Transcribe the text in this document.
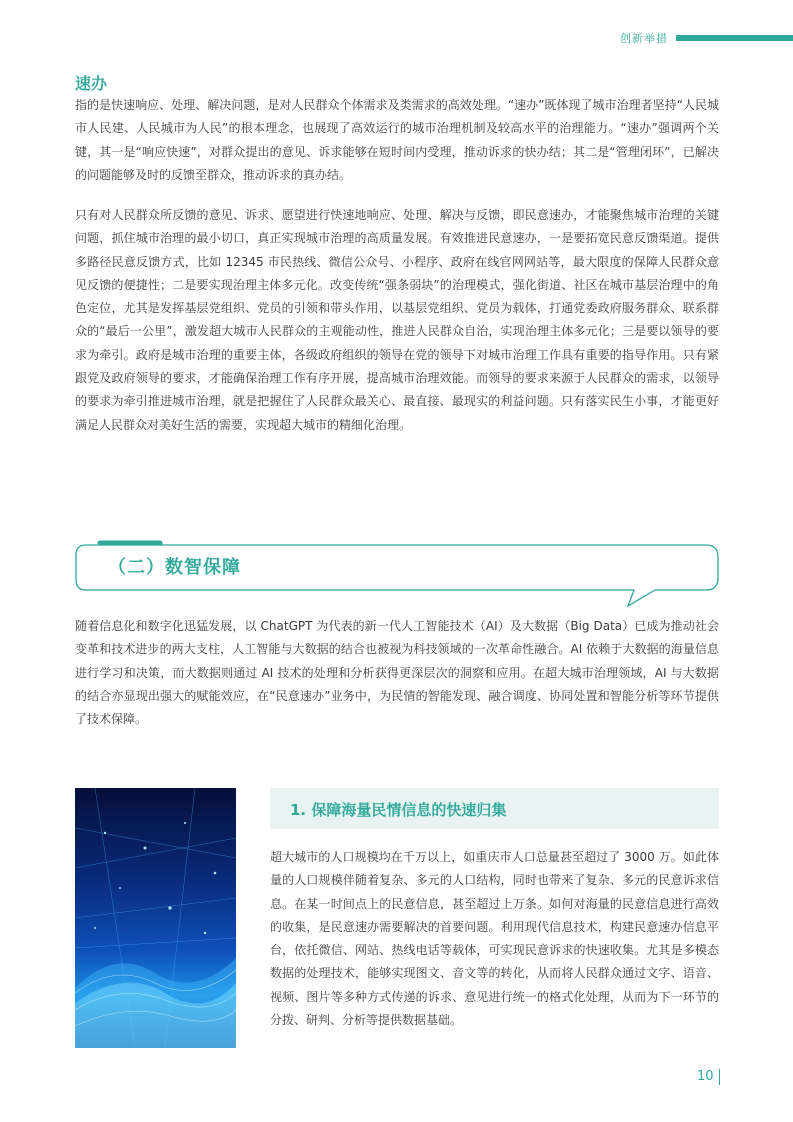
创新举措
速办

指的是快速响应、处理、解决问题，是对人民群众个体需求及类需求的高效处理。“速办”既体现了城市治理者坚持“人民城市人民建、人民城市为人民”的根本理念，也展现了高效运行的城市治理机制及较高水平的治理能力。“速办”强调两个关键，其一是“响应快速”，对群众提出的意见、诉求能够在短时间内受理，推动诉求的快办结；其二是“管理闭环”，已解决的问题能够及时的反馈至群众，推动诉求的真办结。

只有对人民群众所反馈的意见、诉求、愿望进行快速地响应、处理、解决与反馈，即民意速办，才能聚焦城市治理的关键问题，抓住城市治理的最小切口，真正实现城市治理的高质量发展。有效推进民意速办，一是要拓宽民意反馈渠道。提供多路径民意反馈方式，比如 12345 市民热线、微信公众号、小程序、政府在线官网网站等，最大限度的保障人民群众意见反馈的便捷性；二是要实现治理主体多元化。改变传统“强条弱块”的治理模式，强化街道、社区在城市基层治理中的角色定位，尤其是发挥基层党组织、党员的引领和带头作用，以基层党组织、党员为载体，打通党委政府服务群众、联系群众的“最后一公里”，激发超大城市人民群众的主观能动性，推进人民群众自治，实现治理主体多元化；三是要以领导的要求为牵引。政府是城市治理的重要主体，各级政府组织的领导在党的领导下对城市治理工作具有重要的指导作用。只有紧跟党及政府领导的要求，才能确保治理工作有序开展，提高城市治理效能。而领导的要求来源于人民群众的需求，以领导的要求为牵引推进城市治理，就是把握住了人民群众最关心、最直接、最现实的利益问题。只有落实民生小事，才能更好满足人民群众对美好生活的需要，实现超大城市的精细化治理。

（二）数智保障

随着信息化和数字化迅猛发展，以 ChatGPT 为代表的新一代人工智能技术（AI）及大数据（Big Data）已成为推动社会变革和技术进步的两大支柱，人工智能与大数据的结合也被视为科技领域的一次革命性融合。AI 依赖于大数据的海量信息进行学习和决策，而大数据则通过 AI 技术的处理和分析获得更深层次的洞察和应用。在超大城市治理领域，AI 与大数据的结合亦显现出强大的赋能效应，在“民意速办”业务中，为民情的智能发现、融合调度、协同处置和智能分析等环节提供了技术保障。

1. 保障海量民情信息的快速归集

超大城市的人口规模均在千万以上，如重庆市人口总量甚至超过了 3000 万。如此体量的人口规模伴随着复杂、多元的人口结构，同时也带来了复杂、多元的民意诉求信息。在某一时间点上的民意信息，甚至超过上万条。如何对海量的民意信息进行高效的收集，是民意速办需要解决的首要问题。利用现代信息技术，构建民意速办信息平台，依托微信、网站、热线电话等载体，可实现民意诉求的快速收集。尤其是多模态数据的处理技术，能够实现图文、音文等的转化，从而将人民群众通过文字、语音、视频、图片等多种方式传递的诉求、意见进行统一的格式化处理，从而为下一环节的分拨、研判、分析等提供数据基础。

10
